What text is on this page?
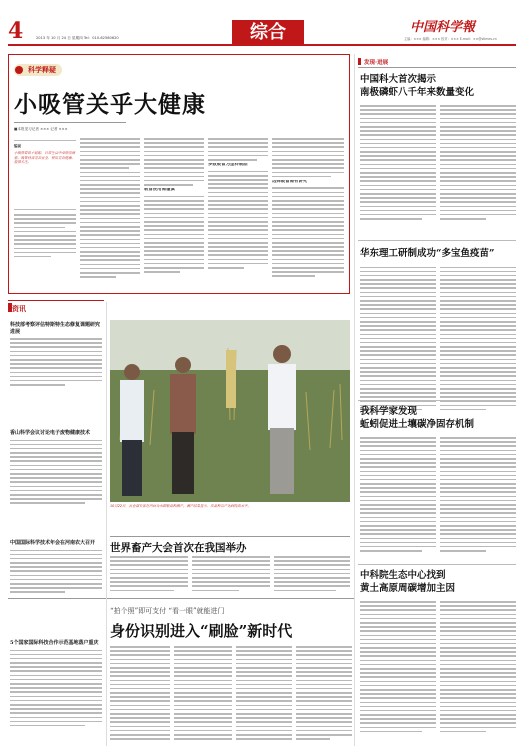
4	2013 年 10 月 24 日 星期四 Tel：010-62580620	综合	中国科学報
主编：××× 编辑：××× 校对：××× E-mail：××@stimes.cn
科学释疑
小吸管关乎大健康
■本报见习记者 ××× 记者 ×××
编前
小吸管看似不起眼，日常生活中却使用频繁。吸管材质是否安全，使用是否健康，值得关注。
吸管使用需谨慎
多数吸管为塑料制品
选择吸管需有讲究
资讯
科技部考察评估特斯特生态修复课题研究进展
香山科学会议讨论电子废物健康技术
中国国际科学技术年会在河南农大召开
5个国家国际科技合作示范基地落户重庆
10月22日，农业部专家在田间为水稻新品种测产。测产结果显示，该品种亩产达到较高水平。
世界畜产大会首次在我国举办
“拍个照”即可支付 “看一眼”就能进门
身份识别进入“刷脸”新时代
发现·进展
中国科大首次揭示
南极磷虾八千年来数量变化
华东理工研制成功“多宝鱼疫苗”
我科学家发现
蚯蚓促进土壤碳净固存机制
中科院生态中心找到
黄土高原周碳增加主因
